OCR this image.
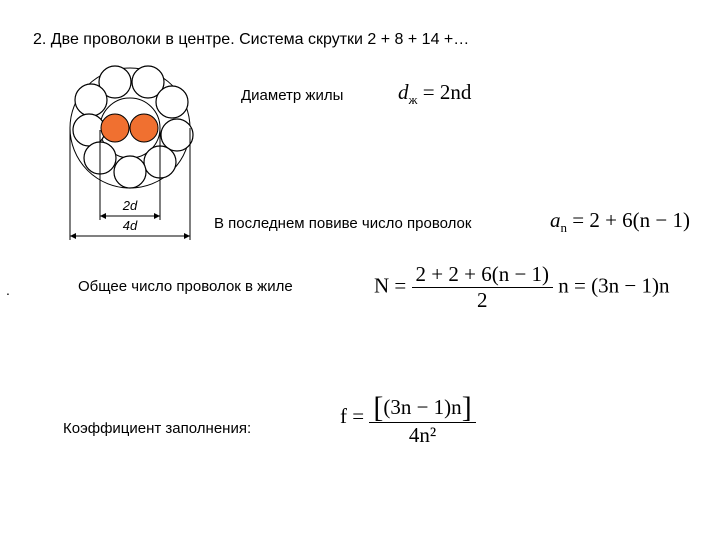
2. Две проволоки в центре. Система скрутки 2 + 8 + 14 +…
2d
4d
Диаметр жилы	$d_ж = 2nd$
В последнем повиве число проволок	$a_n = 2 + 6(n - 1)$
.	Общее число проволок в жиле	$N = \frac{2 + 2 + 6(n - 1)}{2}$ n = (3n − 1)n
Коэффициент заполнения:
$f = \frac{[(3n - 1)n]}{\text{4n²}}$
